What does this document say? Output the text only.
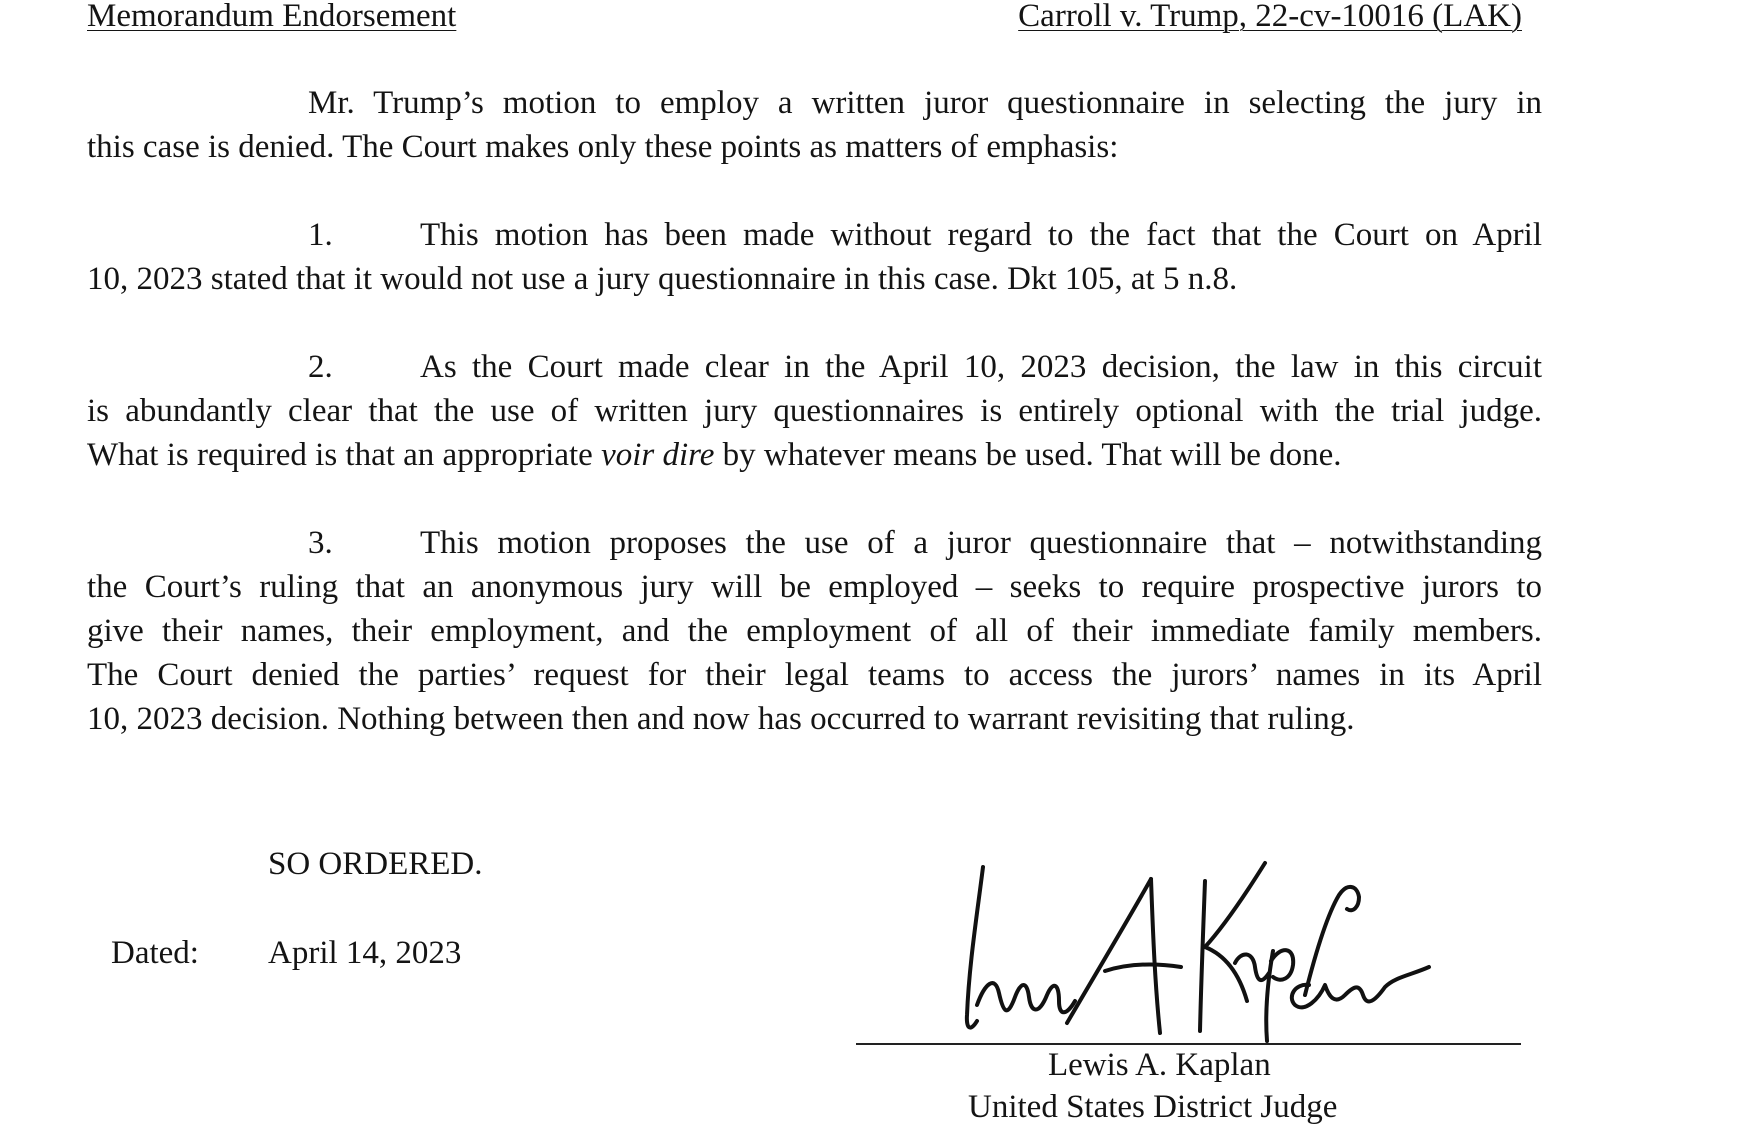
Memorandum Endorsement	Carroll v. Trump, 22-cv-10016 (LAK)
Mr. Trump’s motion to employ a written juror questionnaire in selecting the jury in
this case is denied. The Court makes only these points as matters of emphasis:
1.	This motion has been made without regard to the fact that the Court on April
10, 2023 stated that it would not use a jury questionnaire in this case. Dkt 105, at 5 n.8.
2.	As the Court made clear in the April 10, 2023 decision, the law in this circuit
is abundantly clear that the use of written jury questionnaires is entirely optional with the trial judge.
What is required is that an appropriate voir dire by whatever means be used. That will be done.
3.	This motion proposes the use of a juror questionnaire that – notwithstanding
the Court’s ruling that an anonymous jury will be employed – seeks to require prospective jurors to
give their names, their employment, and the employment of all of their immediate family members.
The Court denied the parties’ request for their legal teams to access the jurors’ names in its April
10, 2023 decision. Nothing between then and now has occurred to warrant revisiting that ruling.
SO ORDERED.
Dated: April 14, 2023
Lewis A. Kaplan
United States District Judge
